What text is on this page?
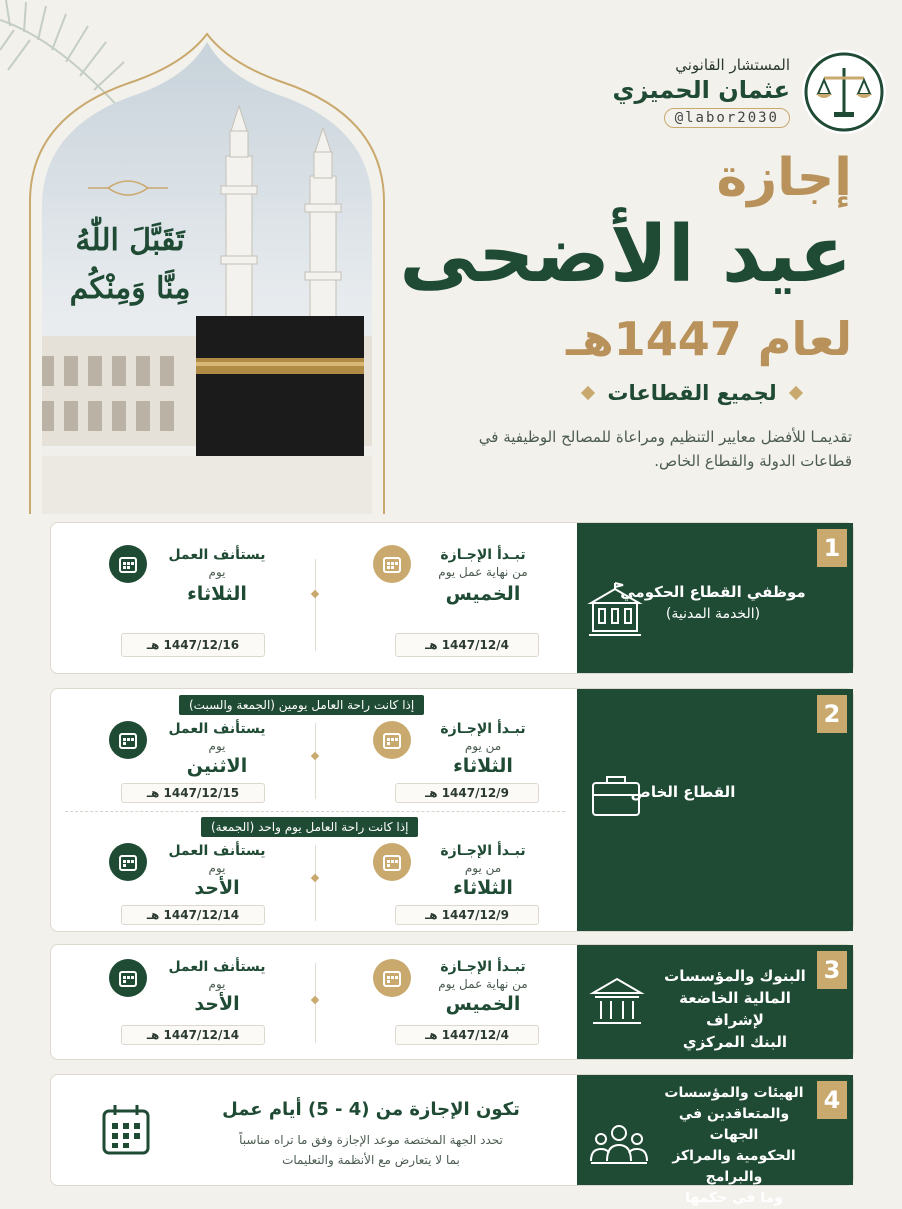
تَقَبَّلَ اللّٰهُ
مِنَّا وَمِنْكُم
المستشار القانوني
عثمان الحميزي
@labor2030
إجازة
عيد الأضحى
لعام 1447هـ
لجميع القطاعات
تقديمـا للأفضل معايير التنظيم ومراعاة للمصالح الوظيفية في قطاعات الدولة والقطاع الخاص.
1
موظفي القطاع الحكومي
(الخدمة المدنية)
تبـدأ الإجـازة
من نهاية عمل يوم
الخميس
1447/12/4 هـ
يستأنف العمل
يوم
الثلاثاء
1447/12/16 هـ
2
القطاع الخاص
إذا كانت راحة العامل يومين (الجمعة والسبت)
تبـدأ الإجـازة
من يوم
الثلاثاء
1447/12/9 هـ
يستأنف العمل
يوم
الاثنين
1447/12/15 هـ
إذا كانت راحة العامل يوم واحد (الجمعة)
تبـدأ الإجـازة
من يوم
الثلاثاء
1447/12/9 هـ
يستأنف العمل
يوم
الأحد
1447/12/14 هـ
3
البنوك والمؤسسات
المالية الخاضعة لإشراف
البنك المركزي
تبـدأ الإجـازة
من نهاية عمل يوم
الخميس
1447/12/4 هـ
يستأنف العمل
يوم
الأحد
1447/12/14 هـ
4
الهيئات والمؤسسات
والمتعاقدين في الجهات
الحكومية والمراكز والبرامج
وما في حكمها
تكون الإجازة من (4 - 5) أيام عمل
تحدد الجهة المختصة موعد الإجازة وفق ما تراه مناسباً
بما لا يتعارض مع الأنظمة والتعليمات
